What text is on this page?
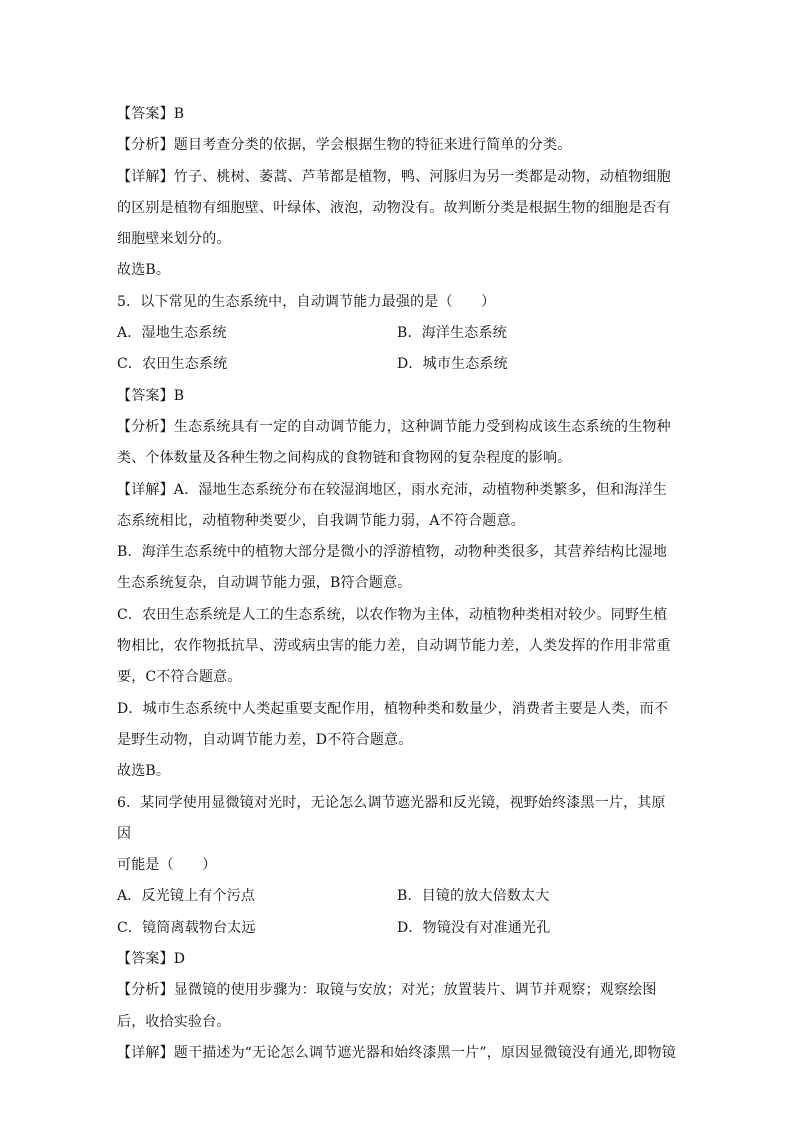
【答案】B

【分析】题目考查分类的依据，学会根据生物的特征来进行简单的分类。

【详解】竹子、桃树、萎蒿、芦苇都是植物，鸭、河豚归为另一类都是动物，动植物细胞

的区别是植物有细胞壁、叶绿体、液泡，动物没有。故判断分类是根据生物的细胞是否有

细胞壁来划分的。

故选B。

5．以下常见的生态系统中，自动调节能力最强的是（　　）

A．湿地生态系统	B．海洋生态系统
C．农田生态系统	D．城市生态系统

【答案】B

【分析】生态系统具有一定的自动调节能力，这种调节能力受到构成该生态系统的生物种

类、个体数量及各种生物之间构成的食物链和食物网的复杂程度的影响。

【详解】A．湿地生态系统分布在较湿润地区，雨水充沛，动植物种类繁多，但和海洋生

态系统相比，动植物种类要少，自我调节能力弱，A不符合题意。

B．海洋生态系统中的植物大部分是微小的浮游植物，动物种类很多，其营养结构比湿地

生态系统复杂，自动调节能力强，B符合题意。

C．农田生态系统是人工的生态系统，以农作物为主体，动植物种类相对较少。同野生植

物相比，农作物抵抗旱、涝或病虫害的能力差，自动调节能力差，人类发挥的作用非常重

要，C不符合题意。

D．城市生态系统中人类起重要支配作用，植物种类和数量少，消费者主要是人类，而不

是野生动物，自动调节能力差，D不符合题意。

故选B。

6．某同学使用显微镜对光时，无论怎么调节遮光器和反光镜，视野始终漆黑一片，其原因

可能是（　　）

A．反光镜上有个污点	B．目镜的放大倍数太大
C．镜筒离载物台太远	D．物镜没有对准通光孔

【答案】D

【分析】显微镜的使用步骤为：取镜与安放；对光；放置装片、调节并观察；观察绘图

后，收拾实验台。

【详解】题干描述为“无论怎么调节遮光器和始终漆黑一片”，原因显微镜没有通光,即物镜
